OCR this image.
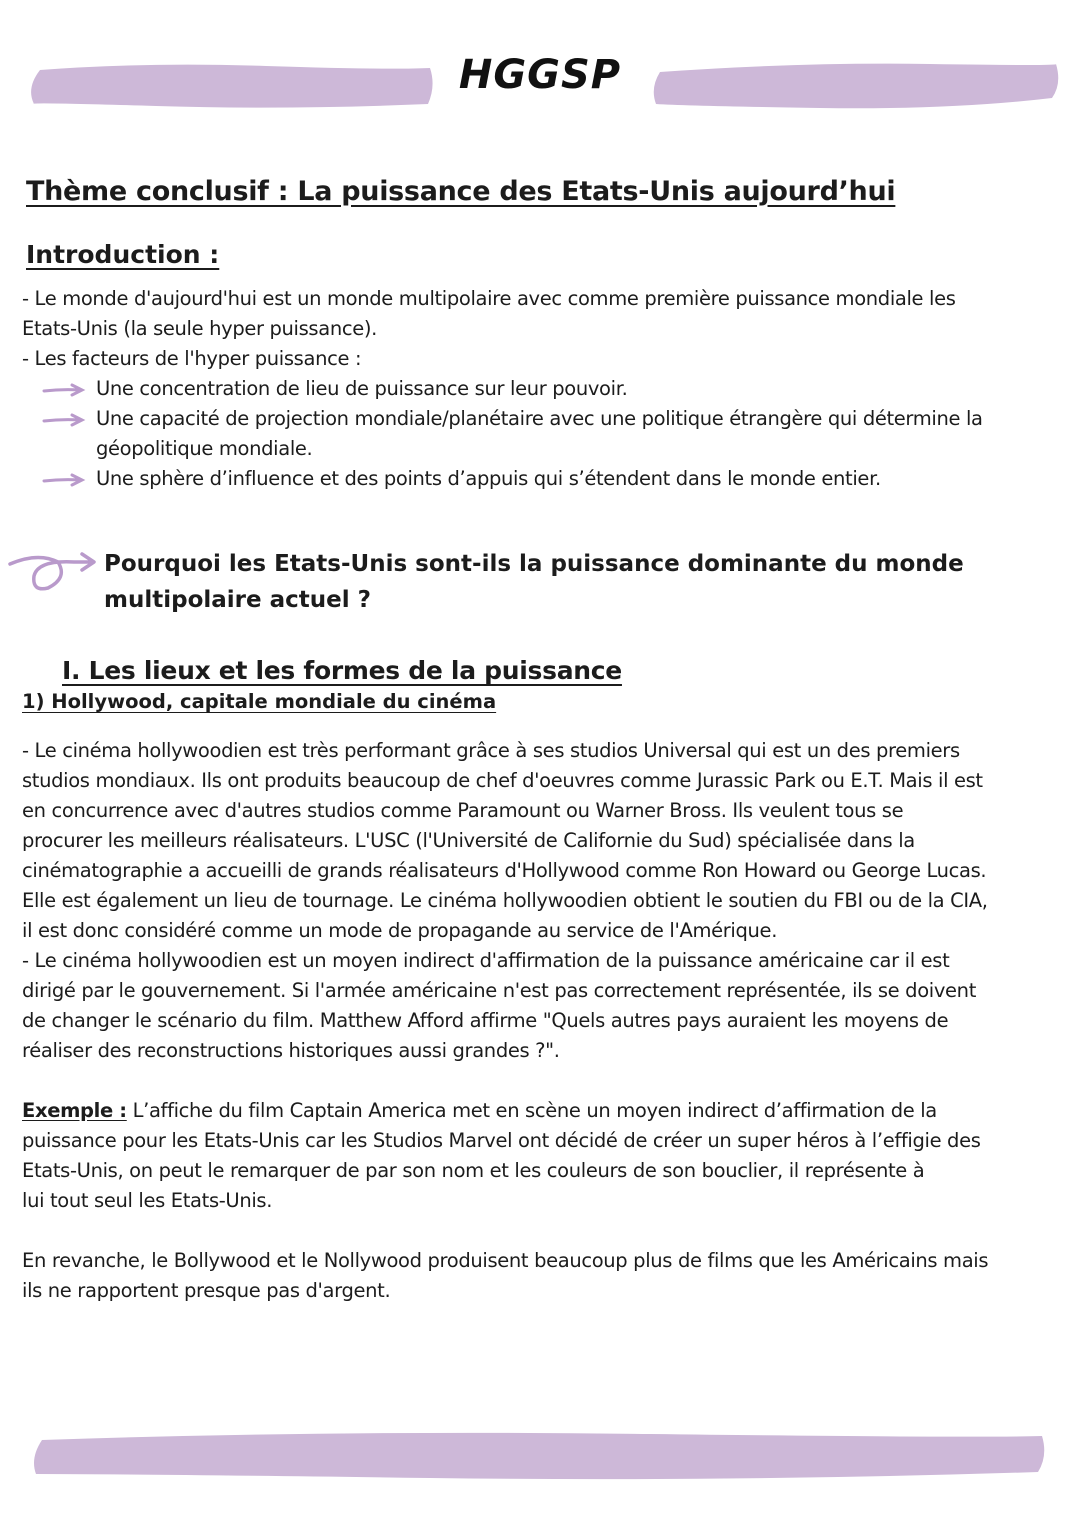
HGGSP
Thème conclusif : La puissance des Etats-Unis aujourd’hui
Introduction :
- Le monde d'aujourd'hui est un monde multipolaire avec comme première puissance mondiale les
Etats-Unis (la seule hyper puissance).
- Les facteurs de l'hyper puissance :
Une concentration de lieu de puissance sur leur pouvoir.
Une capacité de projection mondiale/planétaire avec une politique étrangère qui détermine la
géopolitique mondiale.
Une sphère d’influence et des points d’appuis qui s’étendent dans le monde entier.
Pourquoi les Etats-Unis sont-ils la puissance dominante du monde
multipolaire actuel ?
I. Les lieux et les formes de la puissance
1) Hollywood, capitale mondiale du cinéma
- Le cinéma hollywoodien est très performant grâce à ses studios Universal qui est un des premiers
studios mondiaux. Ils ont produits beaucoup de chef d'oeuvres comme Jurassic Park ou E.T. Mais il est
en concurrence avec d'autres studios comme Paramount ou Warner Bross. Ils veulent tous se
procurer les meilleurs réalisateurs. L'USC (l'Université de Californie du Sud) spécialisée dans la
cinématographie a accueilli de grands réalisateurs d'Hollywood comme Ron Howard ou George Lucas.
Elle est également un lieu de tournage. Le cinéma hollywoodien obtient le soutien du FBI ou de la CIA,
il est donc considéré comme un mode de propagande au service de l'Amérique.
- Le cinéma hollywoodien est un moyen indirect d'affirmation de la puissance américaine car il est
dirigé par le gouvernement. Si l'armée américaine n'est pas correctement représentée, ils se doivent
de changer le scénario du film. Matthew Afford affirme "Quels autres pays auraient les moyens de
réaliser des reconstructions historiques aussi grandes ?".
Exemple : L’affiche du film Captain America met en scène un moyen indirect d’affirmation de la
puissance pour les Etats-Unis car les Studios Marvel ont décidé de créer un super héros à l’effigie des
Etats-Unis, on peut le remarquer de par son nom et les couleurs de son bouclier, il représente à
lui tout seul les Etats-Unis.
En revanche, le Bollywood et le Nollywood produisent beaucoup plus de films que les Américains mais
ils ne rapportent presque pas d'argent.
